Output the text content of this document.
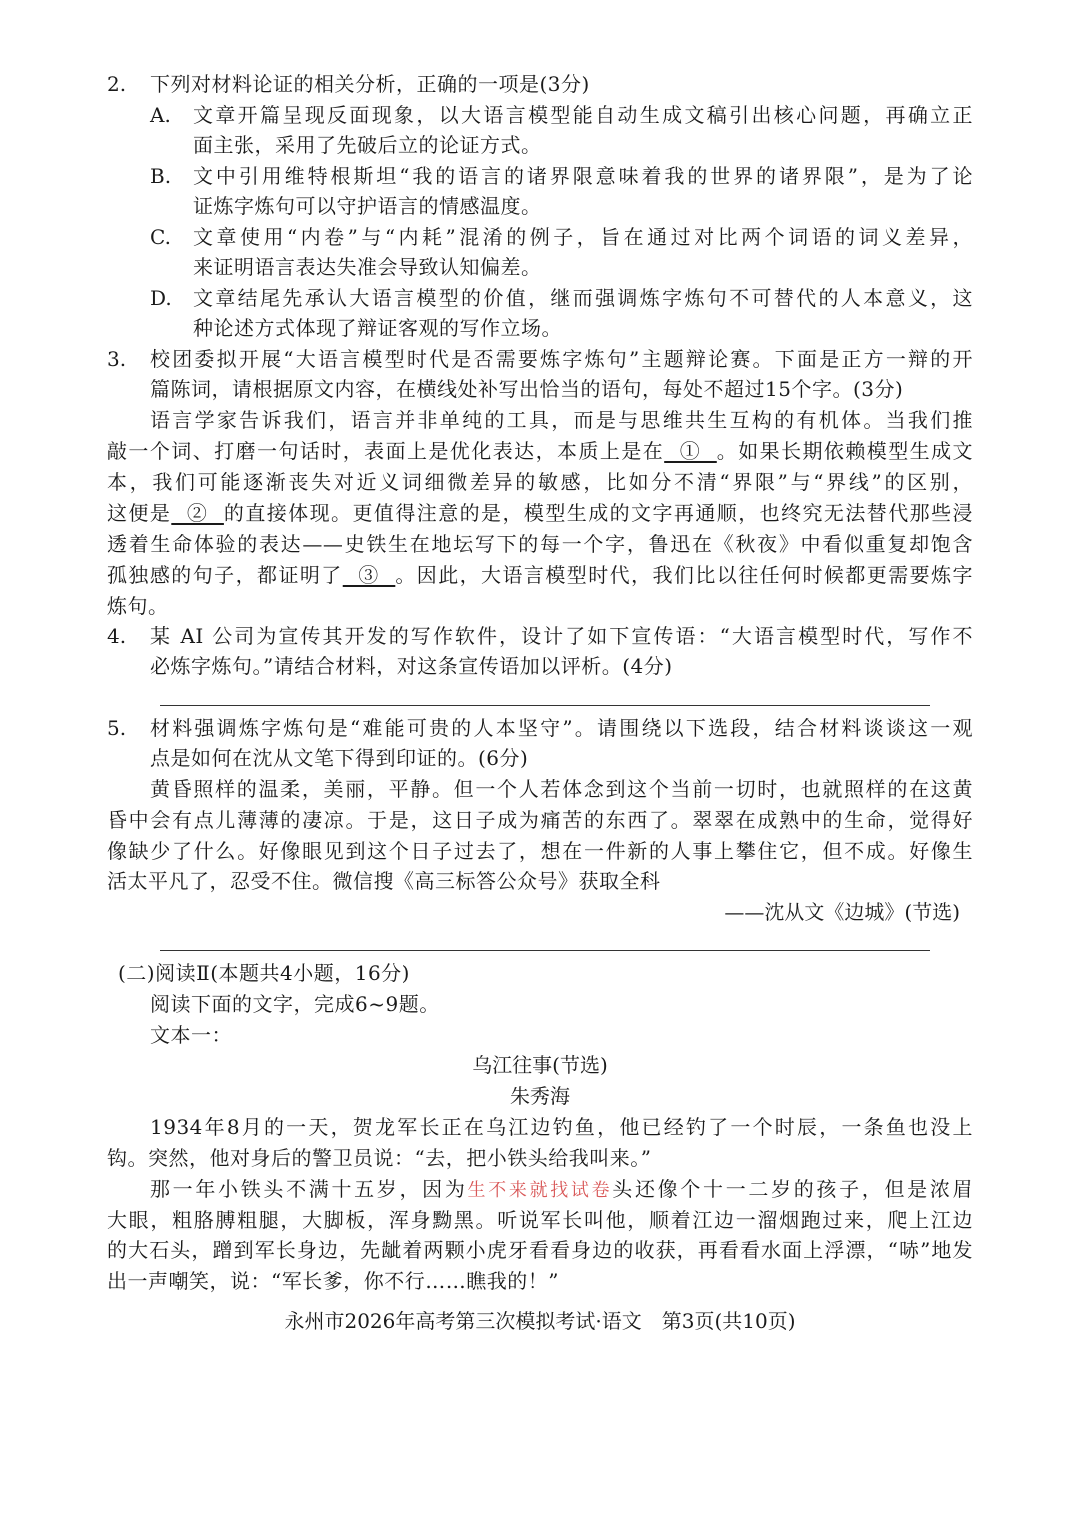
2. 下列对材料论证的相关分析，正确的一项是(3分)
A. 文章开篇呈现反面现象，以大语言模型能自动生成文稿引出核心问题，再确立正
面主张，采用了先破后立的论证方式。
B. 文中引用维特根斯坦“我的语言的诸界限意味着我的世界的诸界限”，是为了论
证炼字炼句可以守护语言的情感温度。
C. 文章使用“内卷”与“内耗”混淆的例子，旨在通过对比两个词语的词义差异，
来证明语言表达失准会导致认知偏差。
D. 文章结尾先承认大语言模型的价值，继而强调炼字炼句不可替代的人本意义，这
种论述方式体现了辩证客观的写作立场。
3. 校团委拟开展“大语言模型时代是否需要炼字炼句”主题辩论赛。下面是正方一辩的开
篇陈词，请根据原文内容，在横线处补写出恰当的语句，每处不超过15个字。(3分)
语言学家告诉我们，语言并非单纯的工具，而是与思维共生互构的有机体。当我们推
敲一个词、打磨一句话时，表面上是优化表达，本质上是在  ①  。如果长期依赖模型生成文
本，我们可能逐渐丧失对近义词细微差异的敏感，比如分不清“界限”与“界线”的区别，
这便是  ②  的直接体现。更值得注意的是，模型生成的文字再通顺，也终究无法替代那些浸
透着生命体验的表达——史铁生在地坛写下的每一个字，鲁迅在《秋夜》中看似重复却饱含
孤独感的句子，都证明了  ③  。因此，大语言模型时代，我们比以往任何时候都更需要炼字
炼句。
4. 某 AI 公司为宣传其开发的写作软件，设计了如下宣传语：“大语言模型时代，写作不
必炼字炼句。”请结合材料，对这条宣传语加以评析。(4分)
5. 材料强调炼字炼句是“难能可贵的人本坚守”。请围绕以下选段，结合材料谈谈这一观
点是如何在沈从文笔下得到印证的。(6分)
黄昏照样的温柔，美丽，平静。但一个人若体念到这个当前一切时，也就照样的在这黄
昏中会有点儿薄薄的凄凉。于是，这日子成为痛苦的东西了。翠翠在成熟中的生命，觉得好
像缺少了什么。好像眼见到这个日子过去了，想在一件新的人事上攀住它，但不成。好像生
活太平凡了，忍受不住。微信搜《高三标答公众号》获取全科
——沈从文《边城》(节选)
(二)阅读Ⅱ(本题共4小题，16分)
阅读下面的文字，完成6~9题。
文本一：
乌江往事(节选)
朱秀海
1934年8月的一天，贺龙军长正在乌江边钓鱼，他已经钓了一个时辰，一条鱼也没上
钩。突然，他对身后的警卫员说：“去，把小铁头给我叫来。”
那一年小铁头不满十五岁，因为生不来就找试卷头还像个十一二岁的孩子，但是浓眉
大眼，粗胳膊粗腿，大脚板，浑身黝黑。听说军长叫他，顺着江边一溜烟跑过来，爬上江边
的大石头，蹭到军长身边，先龇着两颗小虎牙看看身边的收获，再看看水面上浮漂，“哧”地发
出一声嘲笑，说：“军长爹，你不行……瞧我的！”
永州市2026年高考第三次模拟考试·语文　第3页(共10页)
